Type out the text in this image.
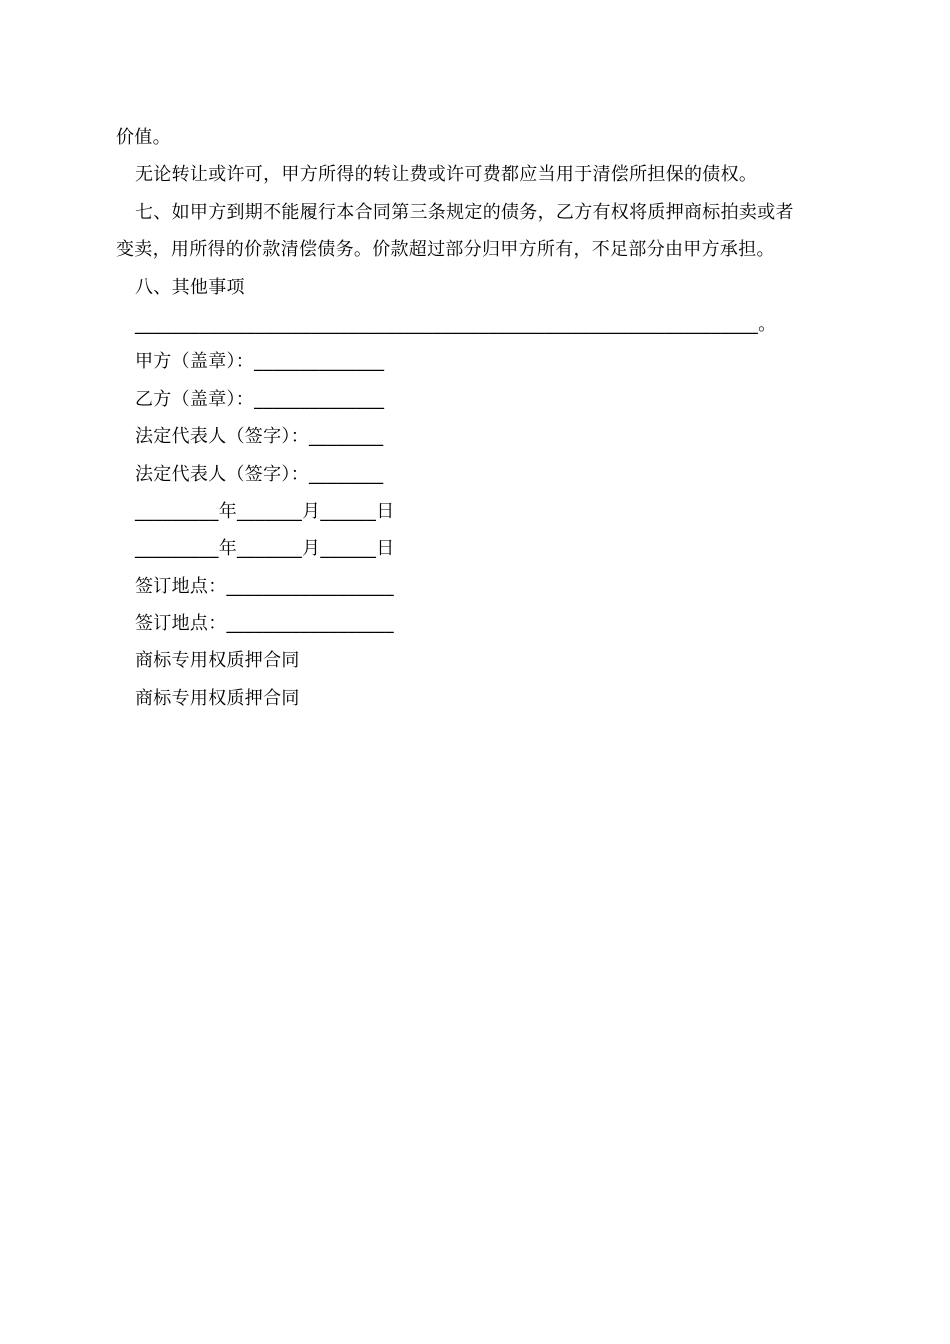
价值。
无论转让或许可，甲方所得的转让费或许可费都应当用于清偿所担保的债权。
七、如甲方到期不能履行本合同第三条规定的债务，乙方有权将质押商标拍卖或者
变卖，用所得的价款清偿债务。价款超过部分归甲方所有，不足部分由甲方承担。
八、其他事项
___________________________________________________________________。
甲方（盖章）：______________
乙方（盖章）：______________
法定代表人（签字）：________
法定代表人（签字）：________
_________年_______月______日
_________年_______月______日
签订地点：__________________
签订地点：__________________
商标专用权质押合同
商标专用权质押合同
